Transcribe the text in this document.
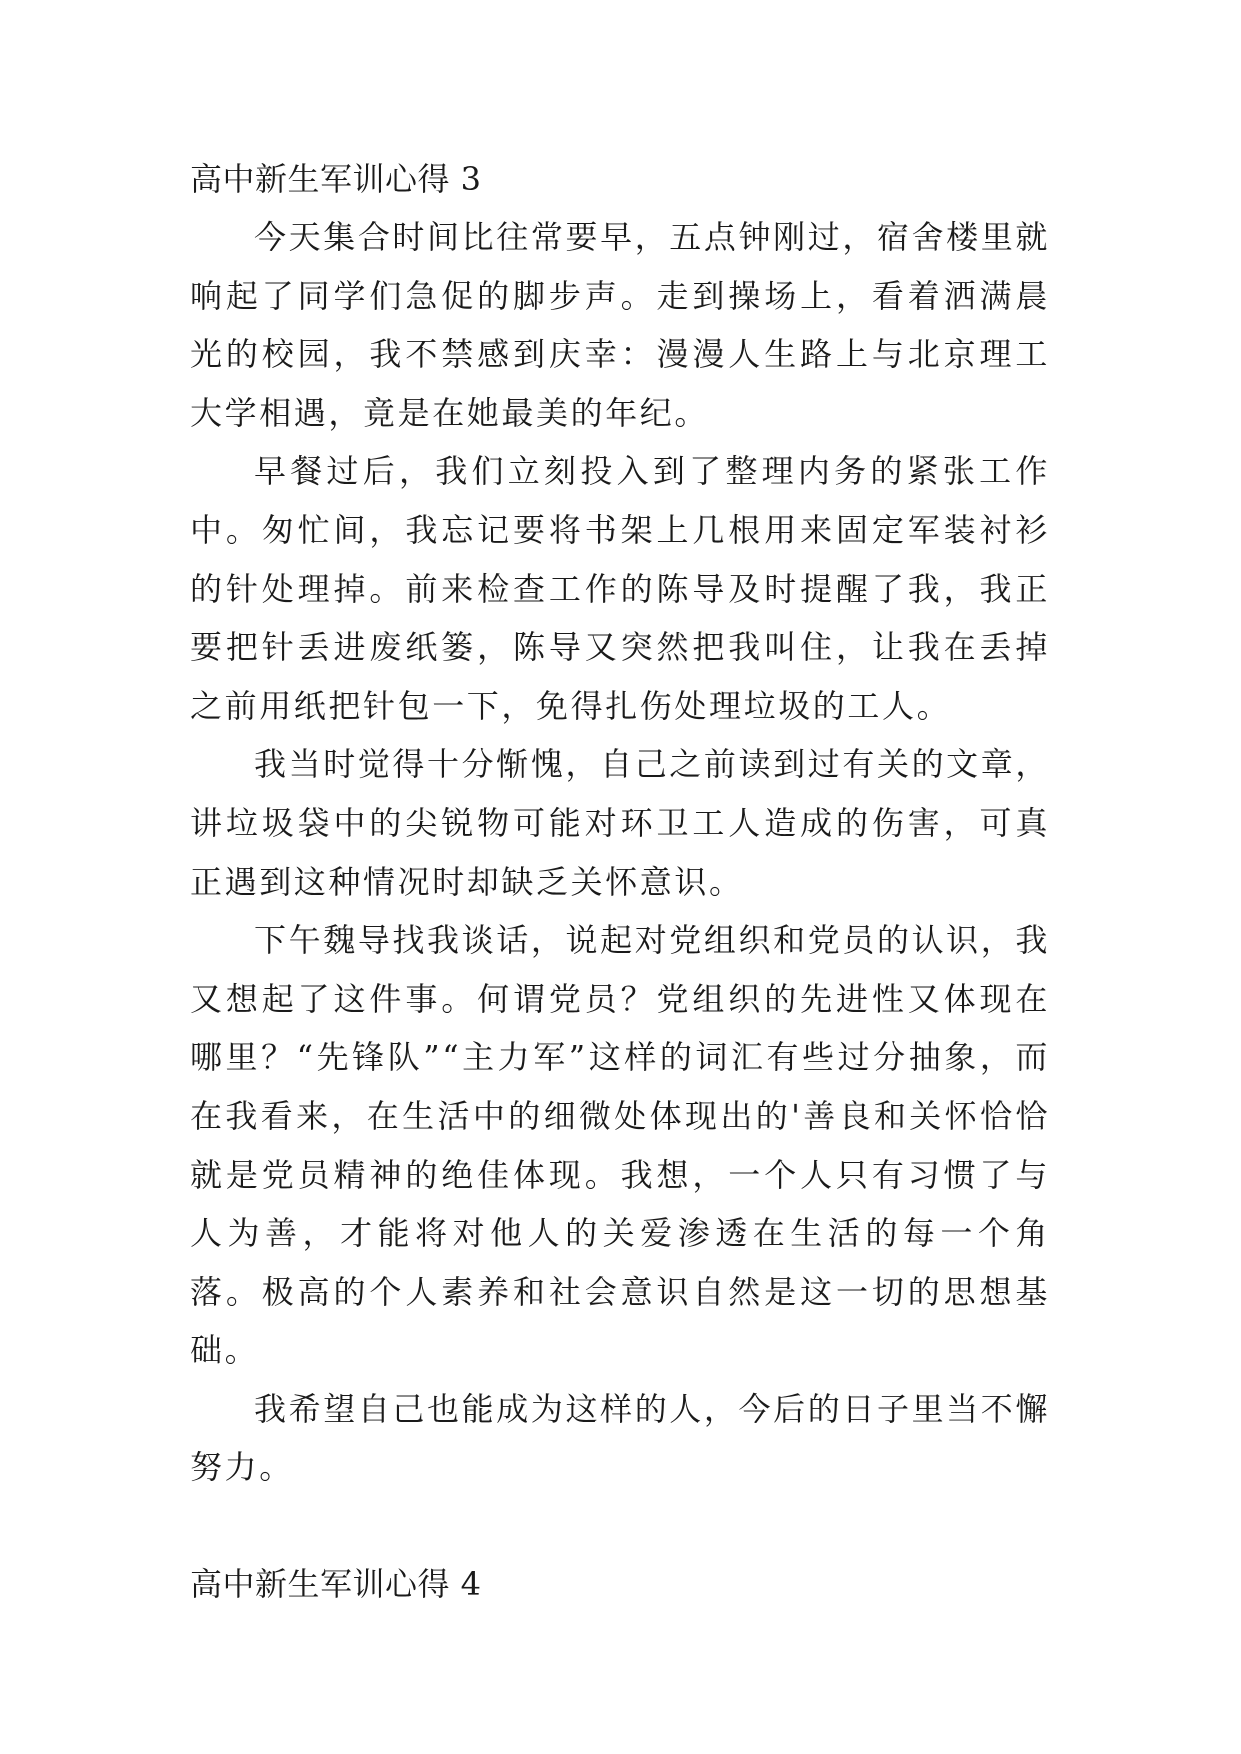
高中新生军训心得 3

今天集合时间比往常要早，五点钟刚过，宿舍楼里就响起了同学们急促的脚步声。走到操场上，看着洒满晨光的校园，我不禁感到庆幸：漫漫人生路上与北京理工大学相遇，竟是在她最美的年纪。

早餐过后，我们立刻投入到了整理内务的紧张工作中。匆忙间，我忘记要将书架上几根用来固定军装衬衫的针处理掉。前来检查工作的陈导及时提醒了我，我正要把针丢进废纸篓，陈导又突然把我叫住，让我在丢掉之前用纸把针包一下，免得扎伤处理垃圾的工人。

我当时觉得十分惭愧，自己之前读到过有关的文章，讲垃圾袋中的尖锐物可能对环卫工人造成的伤害，可真正遇到这种情况时却缺乏关怀意识。

下午魏导找我谈话，说起对党组织和党员的认识，我又想起了这件事。何谓党员？党组织的先进性又体现在哪里？“先锋队”“主力军”这样的词汇有些过分抽象，而在我看来，在生活中的细微处体现出的'善良和关怀恰恰就是党员精神的绝佳体现。我想，一个人只有习惯了与人为善，才能将对他人的关爱渗透在生活的每一个角落。极高的个人素养和社会意识自然是这一切的思想基础。

我希望自己也能成为这样的人，今后的日子里当不懈努力。

高中新生军训心得 4
